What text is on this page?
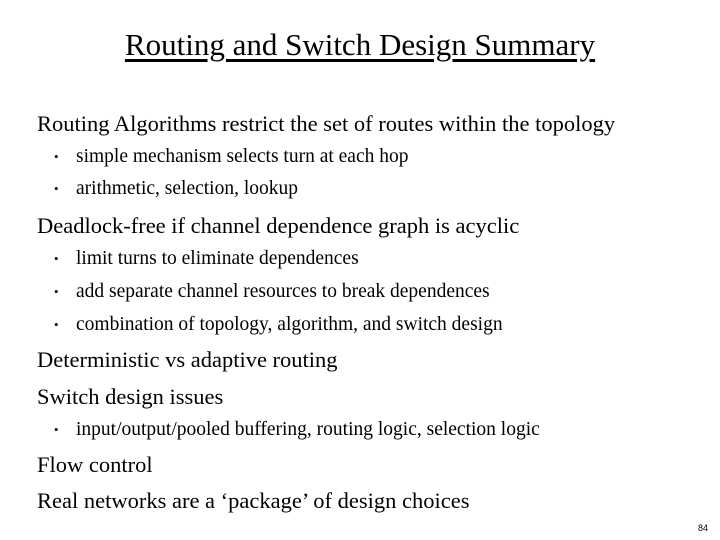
Routing and Switch Design Summary
Routing Algorithms restrict the set of routes within the topology
• simple mechanism selects turn at each hop
• arithmetic, selection, lookup
Deadlock-free if channel dependence graph is acyclic
• limit turns to eliminate dependences
• add separate channel resources to break dependences
• combination of topology, algorithm, and switch design
Deterministic vs adaptive routing
Switch design issues
• input/output/pooled buffering, routing logic, selection logic
Flow control
Real networks are a ‘package’ of design choices
84
